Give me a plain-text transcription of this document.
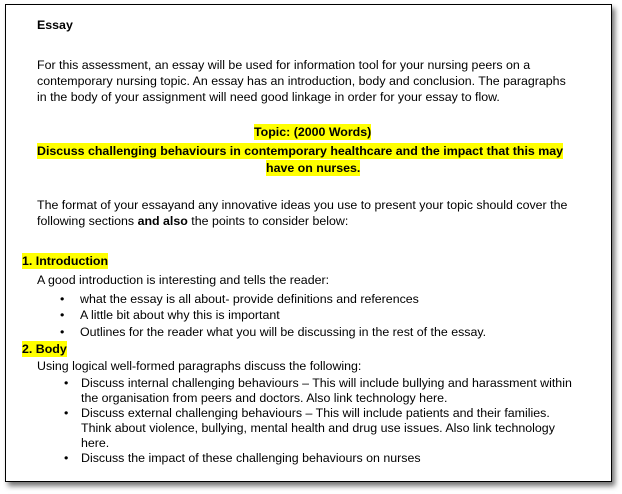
Essay
For this assessment, an essay will be used for information tool for your nursing peers on a
contemporary nursing topic. An essay has an introduction, body and conclusion. The paragraphs
in the body of your assignment will need good linkage in order for your essay to flow.
Topic: (2000 Words)
Discuss challenging behaviours in contemporary healthcare and the impact that this may
have on nurses.
The format of your essayand any innovative ideas you use to present your topic should cover the
following sections and also the points to consider below:
1. Introduction
A good introduction is interesting and tells the reader:
• what the essay is all about- provide definitions and references
• A little bit about why this is important
• Outlines for the reader what you will be discussing in the rest of the essay.
2. Body
Using logical well-formed paragraphs discuss the following:
• Discuss internal challenging behaviours – This will include bullying and harassment within
the organisation from peers and doctors. Also link technology here.
• Discuss external challenging behaviours – This will include patients and their families.
Think about violence, bullying, mental health and drug use issues. Also link technology
here.
• Discuss the impact of these challenging behaviours on nurses
